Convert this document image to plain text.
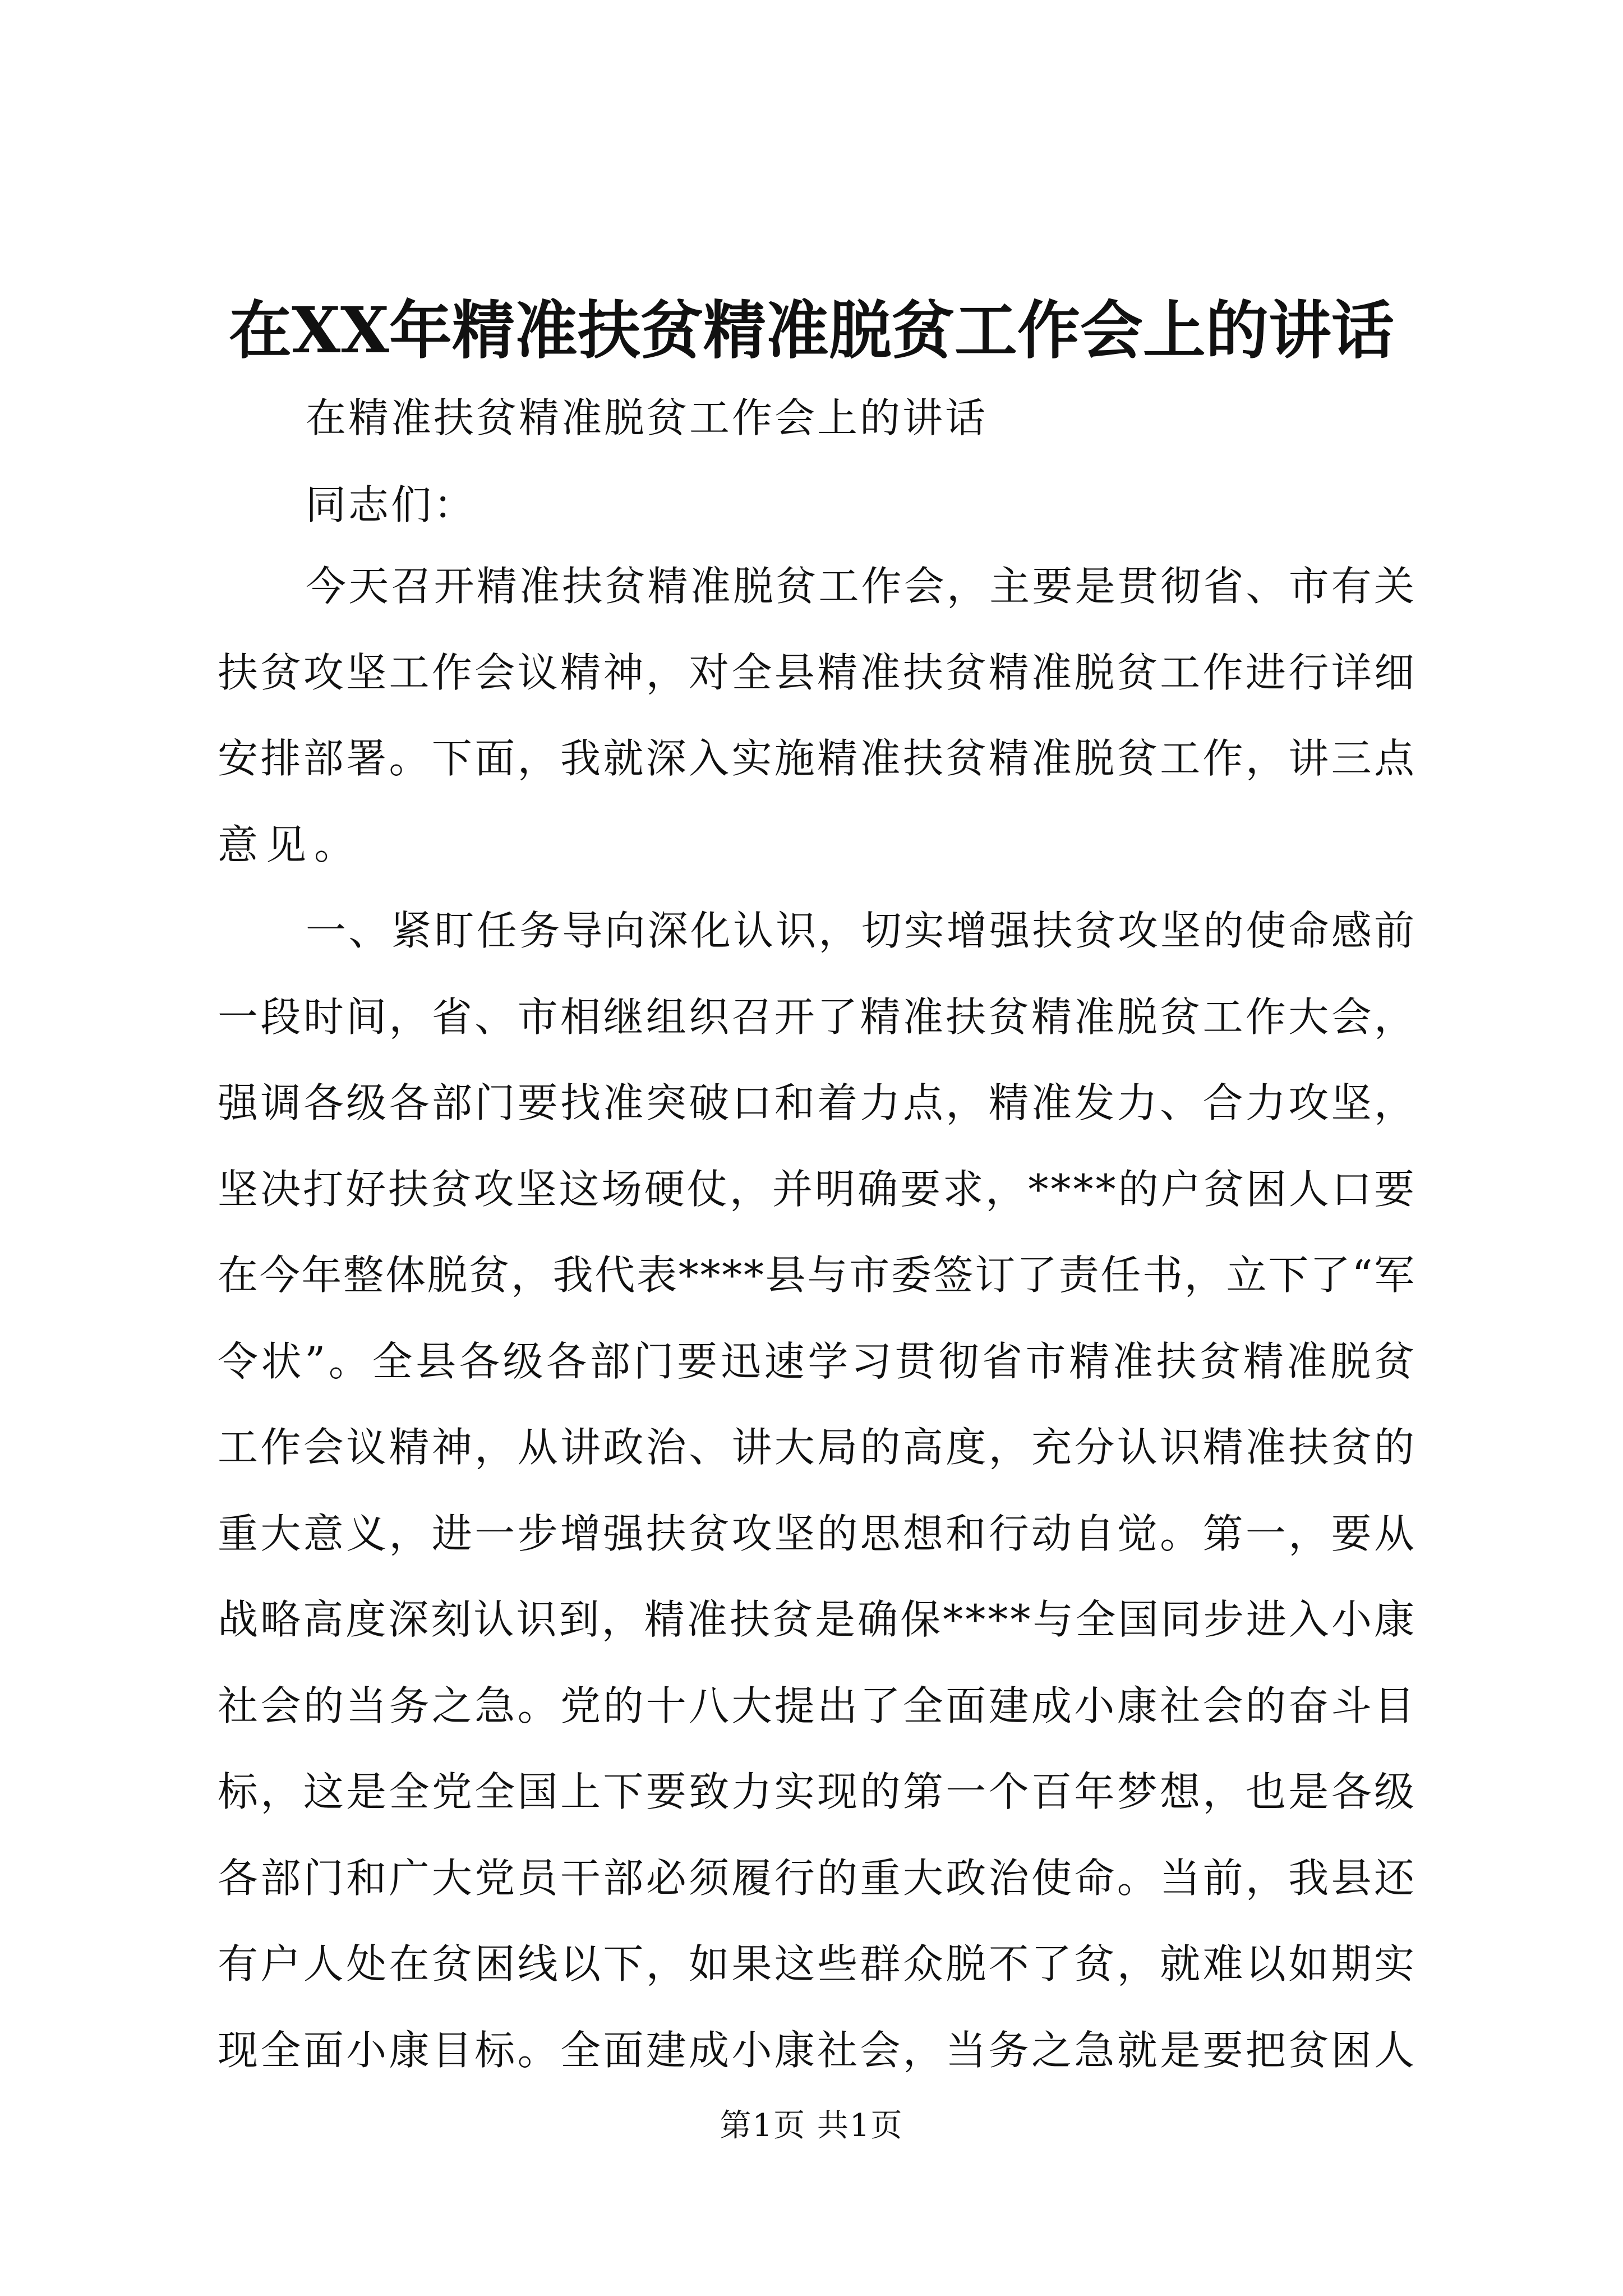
在XX年精准扶贫精准脱贫工作会上的讲话

在精准扶贫精准脱贫工作会上的讲话

同志们：

今天召开精准扶贫精准脱贫工作会，主要是贯彻省、市有关

扶贫攻坚工作会议精神，对全县精准扶贫精准脱贫工作进行详细

安排部署。下面，我就深入实施精准扶贫精准脱贫工作，讲三点

意见。

一、紧盯任务导向深化认识，切实增强扶贫攻坚的使命感前

一段时间，省、市相继组织召开了精准扶贫精准脱贫工作大会，

强调各级各部门要找准突破口和着力点，精准发力、合力攻坚，

坚决打好扶贫攻坚这场硬仗，并明确要求，****的户贫困人口要

在今年整体脱贫，我代表****县与市委签订了责任书，立下了“军

令状”。全县各级各部门要迅速学习贯彻省市精准扶贫精准脱贫

工作会议精神，从讲政治、讲大局的高度，充分认识精准扶贫的

重大意义，进一步增强扶贫攻坚的思想和行动自觉。第一，要从

战略高度深刻认识到，精准扶贫是确保****与全国同步进入小康

社会的当务之急。党的十八大提出了全面建成小康社会的奋斗目

标，这是全党全国上下要致力实现的第一个百年梦想，也是各级

各部门和广大党员干部必须履行的重大政治使命。当前，我县还

有户人处在贫困线以下，如果这些群众脱不了贫，就难以如期实

现全面小康目标。全面建成小康社会，当务之急就是要把贫困人

第1页 共1页
